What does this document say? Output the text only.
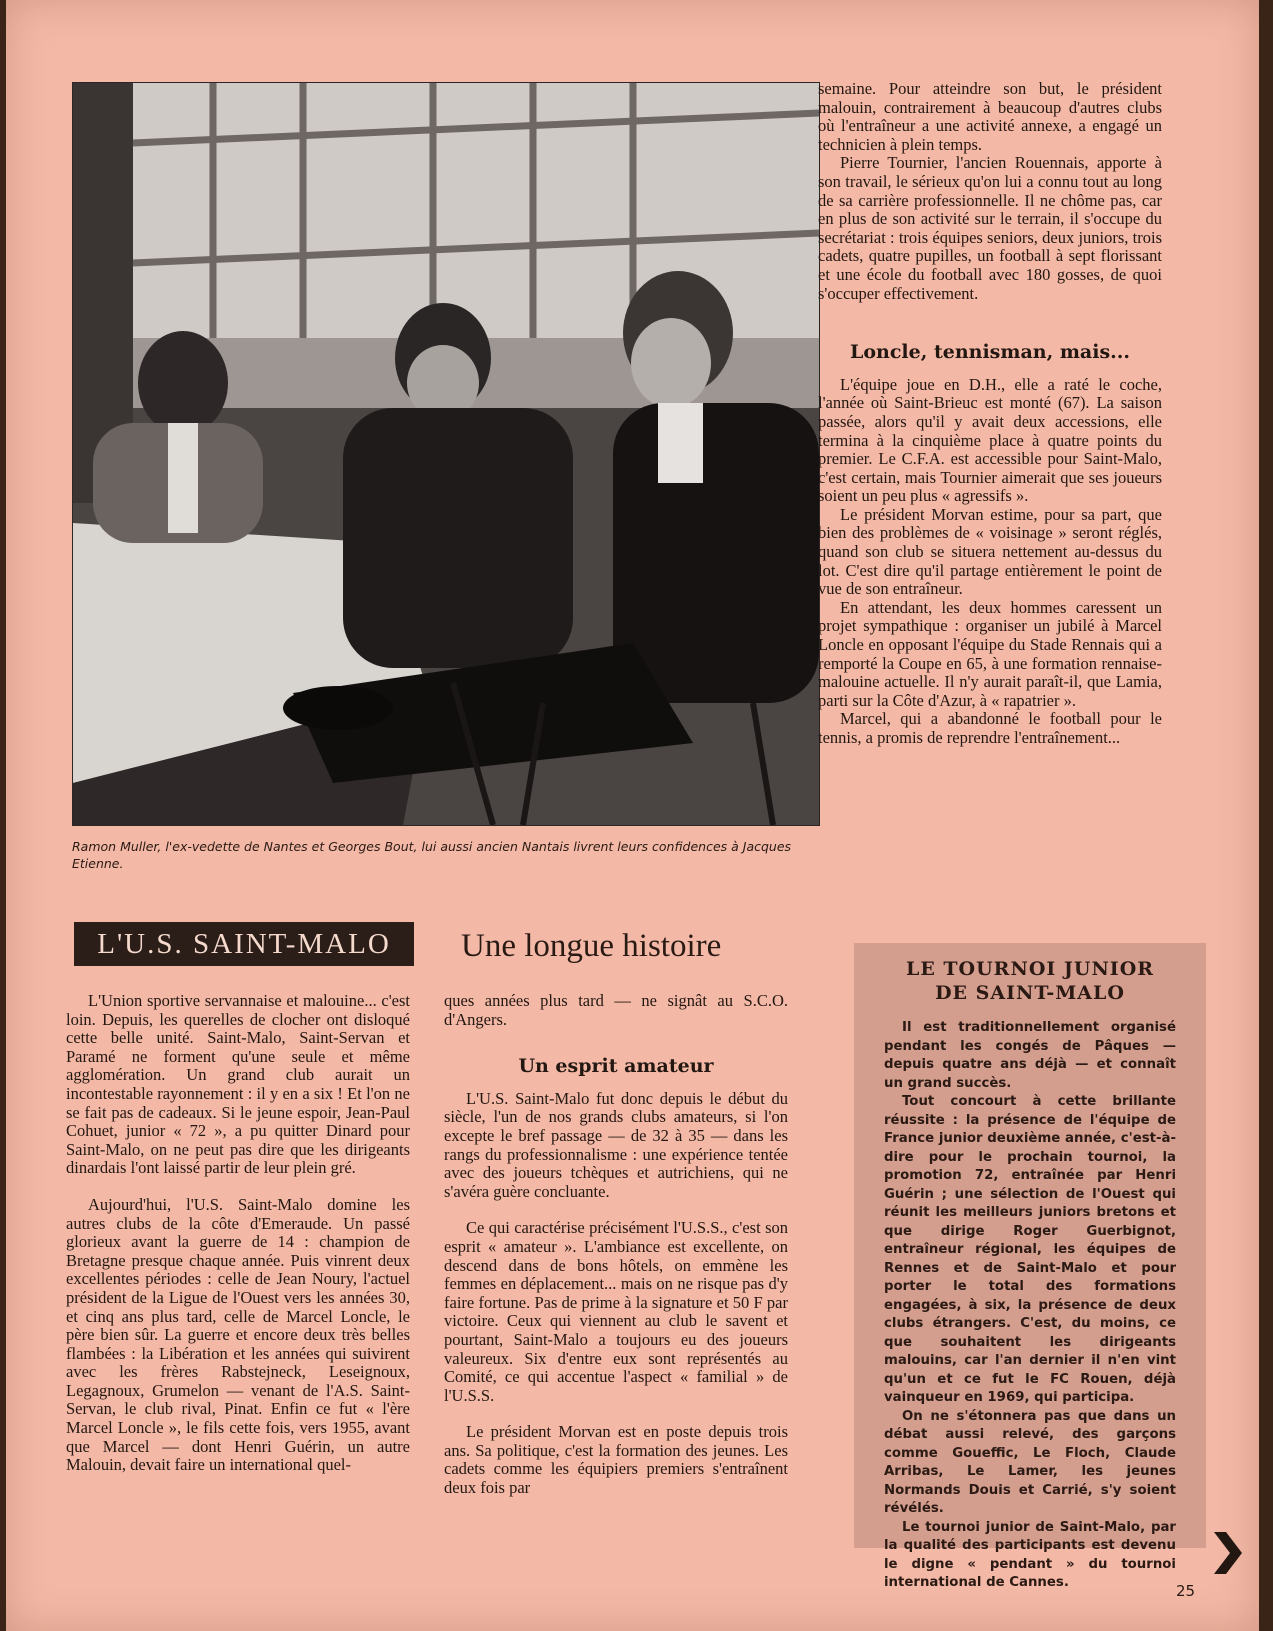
Ramon Muller, l'ex-vedette de Nantes et Georges Bout, lui aussi ancien Nantais livrent leurs confidences à Jacques Etienne.

semaine. Pour atteindre son but, le président malouin, contrairement à beaucoup d'autres clubs où l'entraîneur a une activité annexe, a engagé un technicien à plein temps.

Pierre Tournier, l'ancien Rouennais, apporte à son travail, le sérieux qu'on lui a connu tout au long de sa carrière professionnelle. Il ne chôme pas, car en plus de son activité sur le terrain, il s'occupe du secrétariat : trois équipes seniors, deux juniors, trois cadets, quatre pupilles, un football à sept florissant et une école du football avec 180 gosses, de quoi s'occuper effectivement.

Loncle, tennisman, mais...

L'équipe joue en D.H., elle a raté le coche, l'année où Saint-Brieuc est monté (67). La saison passée, alors qu'il y avait deux accessions, elle termina à la cinquième place à quatre points du premier. Le C.F.A. est accessible pour Saint-Malo, c'est certain, mais Tournier aimerait que ses joueurs soient un peu plus « agressifs ».

Le président Morvan estime, pour sa part, que bien des problèmes de « voisinage » seront réglés, quand son club se situera nettement au-dessus du lot. C'est dire qu'il partage entièrement le point de vue de son entraîneur.

En attendant, les deux hommes caressent un projet sympathique : organiser un jubilé à Marcel Loncle en opposant l'équipe du Stade Rennais qui a remporté la Coupe en 65, à une formation rennaise-malouine actuelle. Il n'y aurait paraît-il, que Lamia, parti sur la Côte d'Azur, à « rapatrier ».

Marcel, qui a abandonné le football pour le tennis, a promis de reprendre l'entraînement...

L'U.S. SAINT-MALO	Une longue histoire

L'Union sportive servannaise et malouine... c'est loin. Depuis, les querelles de clocher ont disloqué cette belle unité. Saint-Malo, Saint-Servan et Paramé ne forment qu'une seule et même agglomération. Un grand club aurait un incontestable rayonnement : il y en a six ! Et l'on ne se fait pas de cadeaux. Si le jeune espoir, Jean-Paul Cohuet, junior « 72 », a pu quitter Dinard pour Saint-Malo, on ne peut pas dire que les dirigeants dinardais l'ont laissé partir de leur plein gré.

Aujourd'hui, l'U.S. Saint-Malo domine les autres clubs de la côte d'Emeraude. Un passé glorieux avant la guerre de 14 : champion de Bretagne presque chaque année. Puis vinrent deux excellentes périodes : celle de Jean Noury, l'actuel président de la Ligue de l'Ouest vers les années 30, et cinq ans plus tard, celle de Marcel Loncle, le père bien sûr. La guerre et encore deux très belles flambées : la Libération et les années qui suivirent avec les frères Rabstejneck, Leseignoux, Legagnoux, Grumelon — venant de l'A.S. Saint-Servan, le club rival, Pinat. Enfin ce fut « l'ère Marcel Loncle », le fils cette fois, vers 1955, avant que Marcel — dont Henri Guérin, un autre Malouin, devait faire un international quel-

ques années plus tard — ne signât au S.C.O. d'Angers.

Un esprit amateur

L'U.S. Saint-Malo fut donc depuis le début du siècle, l'un de nos grands clubs amateurs, si l'on excepte le bref passage — de 32 à 35 — dans les rangs du professionnalisme : une expérience tentée avec des joueurs tchèques et autrichiens, qui ne s'avéra guère concluante.

Ce qui caractérise précisément l'U.S.S., c'est son esprit « amateur ». L'ambiance est excellente, on descend dans de bons hôtels, on emmène les femmes en déplacement... mais on ne risque pas d'y faire fortune. Pas de prime à la signature et 50 F par victoire. Ceux qui viennent au club le savent et pourtant, Saint-Malo a toujours eu des joueurs valeureux. Six d'entre eux sont représentés au Comité, ce qui accentue l'aspect « familial » de l'U.S.S.

Le président Morvan est en poste depuis trois ans. Sa politique, c'est la formation des jeunes. Les cadets comme les équipiers premiers s'entraînent deux fois par

LE TOURNOI JUNIOR
DE SAINT-MALO

Il est traditionnellement organisé pendant les congés de Pâques — depuis quatre ans déjà — et connaît un grand succès.

Tout concourt à cette brillante réussite : la présence de l'équipe de France junior deuxième année, c'est-à-dire pour le prochain tournoi, la promotion 72, entraînée par Henri Guérin ; une sélection de l'Ouest qui réunit les meilleurs juniors bretons et que dirige Roger Guerbignot, entraîneur régional, les équipes de Rennes et de Saint-Malo et pour porter le total des formations engagées, à six, la présence de deux clubs étrangers. C'est, du moins, ce que souhaitent les dirigeants malouins, car l'an dernier il n'en vint qu'un et ce fut le FC Rouen, déjà vainqueur en 1969, qui participa.

On ne s'étonnera pas que dans un débat aussi relevé, des garçons comme Goueffic, Le Floch, Claude Arribas, Le Lamer, les jeunes Normands Douis et Carrié, s'y soient révélés.

Le tournoi junior de Saint-Malo, par la qualité des participants est devenu le digne « pendant » du tournoi international de Cannes.	25
